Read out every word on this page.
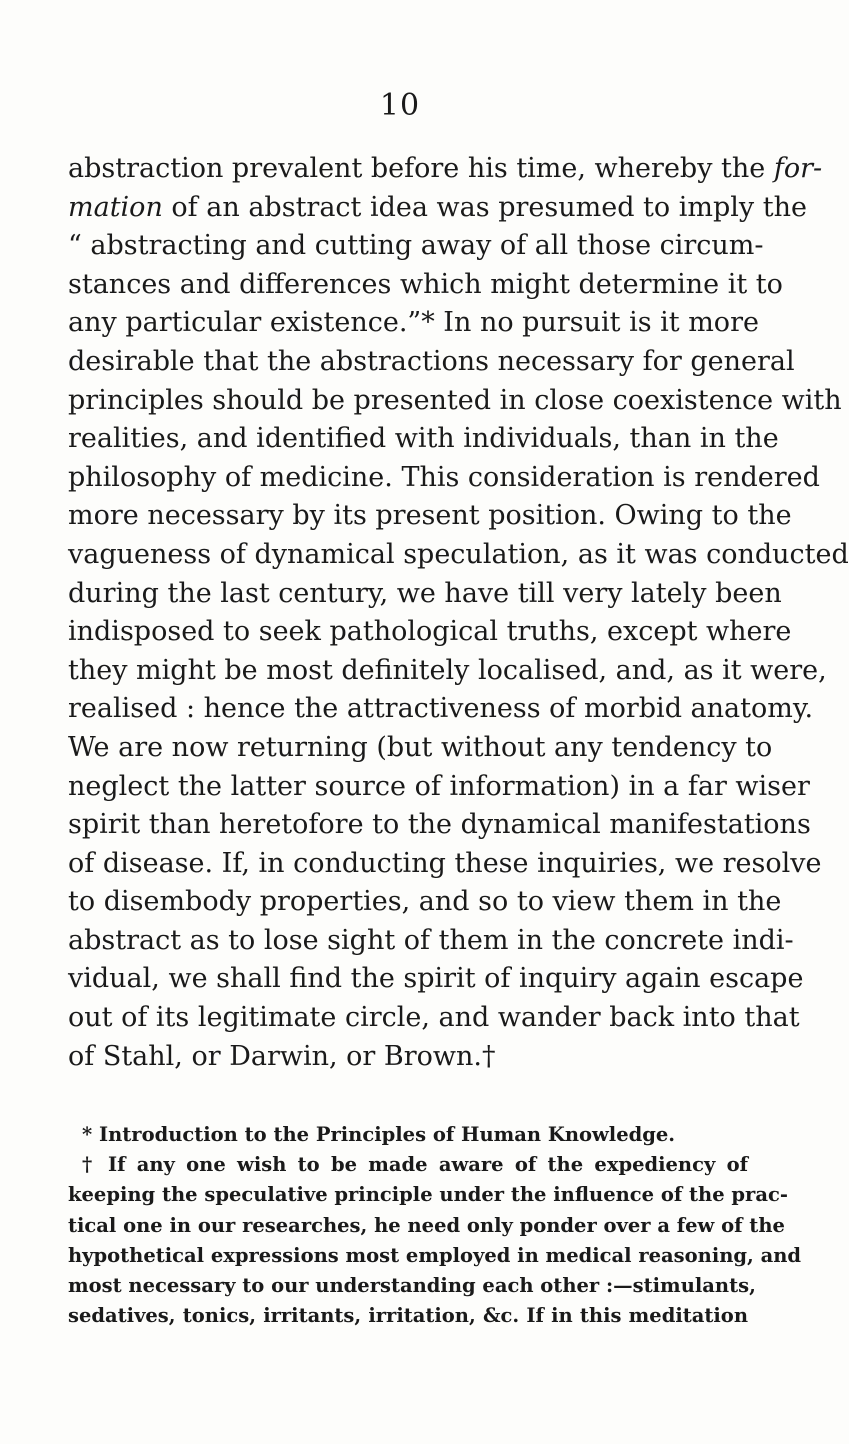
10
abstraction prevalent before his time, whereby the for-
mation of an abstract idea was presumed to imply the
“ abstracting and cutting away of all those circum-
stances and differences which might determine it to
any particular existence.”* In no pursuit is it more
desirable that the abstractions necessary for general
principles should be presented in close coexistence with
realities, and identified with individuals, than in the
philosophy of medicine. This consideration is rendered
more necessary by its present position. Owing to the
vagueness of dynamical speculation, as it was conducted
during the last century, we have till very lately been
indisposed to seek pathological truths, except where
they might be most definitely localised, and, as it were,
realised : hence the attractiveness of morbid anatomy.
We are now returning (but without any tendency to
neglect the latter source of information) in a far wiser
spirit than heretofore to the dynamical manifestations
of disease. If, in conducting these inquiries, we resolve
to disembody properties, and so to view them in the
abstract as to lose sight of them in the concrete indi-
vidual, we shall find the spirit of inquiry again escape
out of its legitimate circle, and wander back into that
of Stahl, or Darwin, or Brown.†
* Introduction to the Principles of Human Knowledge.
† If any one wish to be made aware of the expediency of
keeping the speculative principle under the influence of the prac-
tical one in our researches, he need only ponder over a few of the
hypothetical expressions most employed in medical reasoning, and
most necessary to our understanding each other :—stimulants,
sedatives, tonics, irritants, irritation, &c. If in this meditation
